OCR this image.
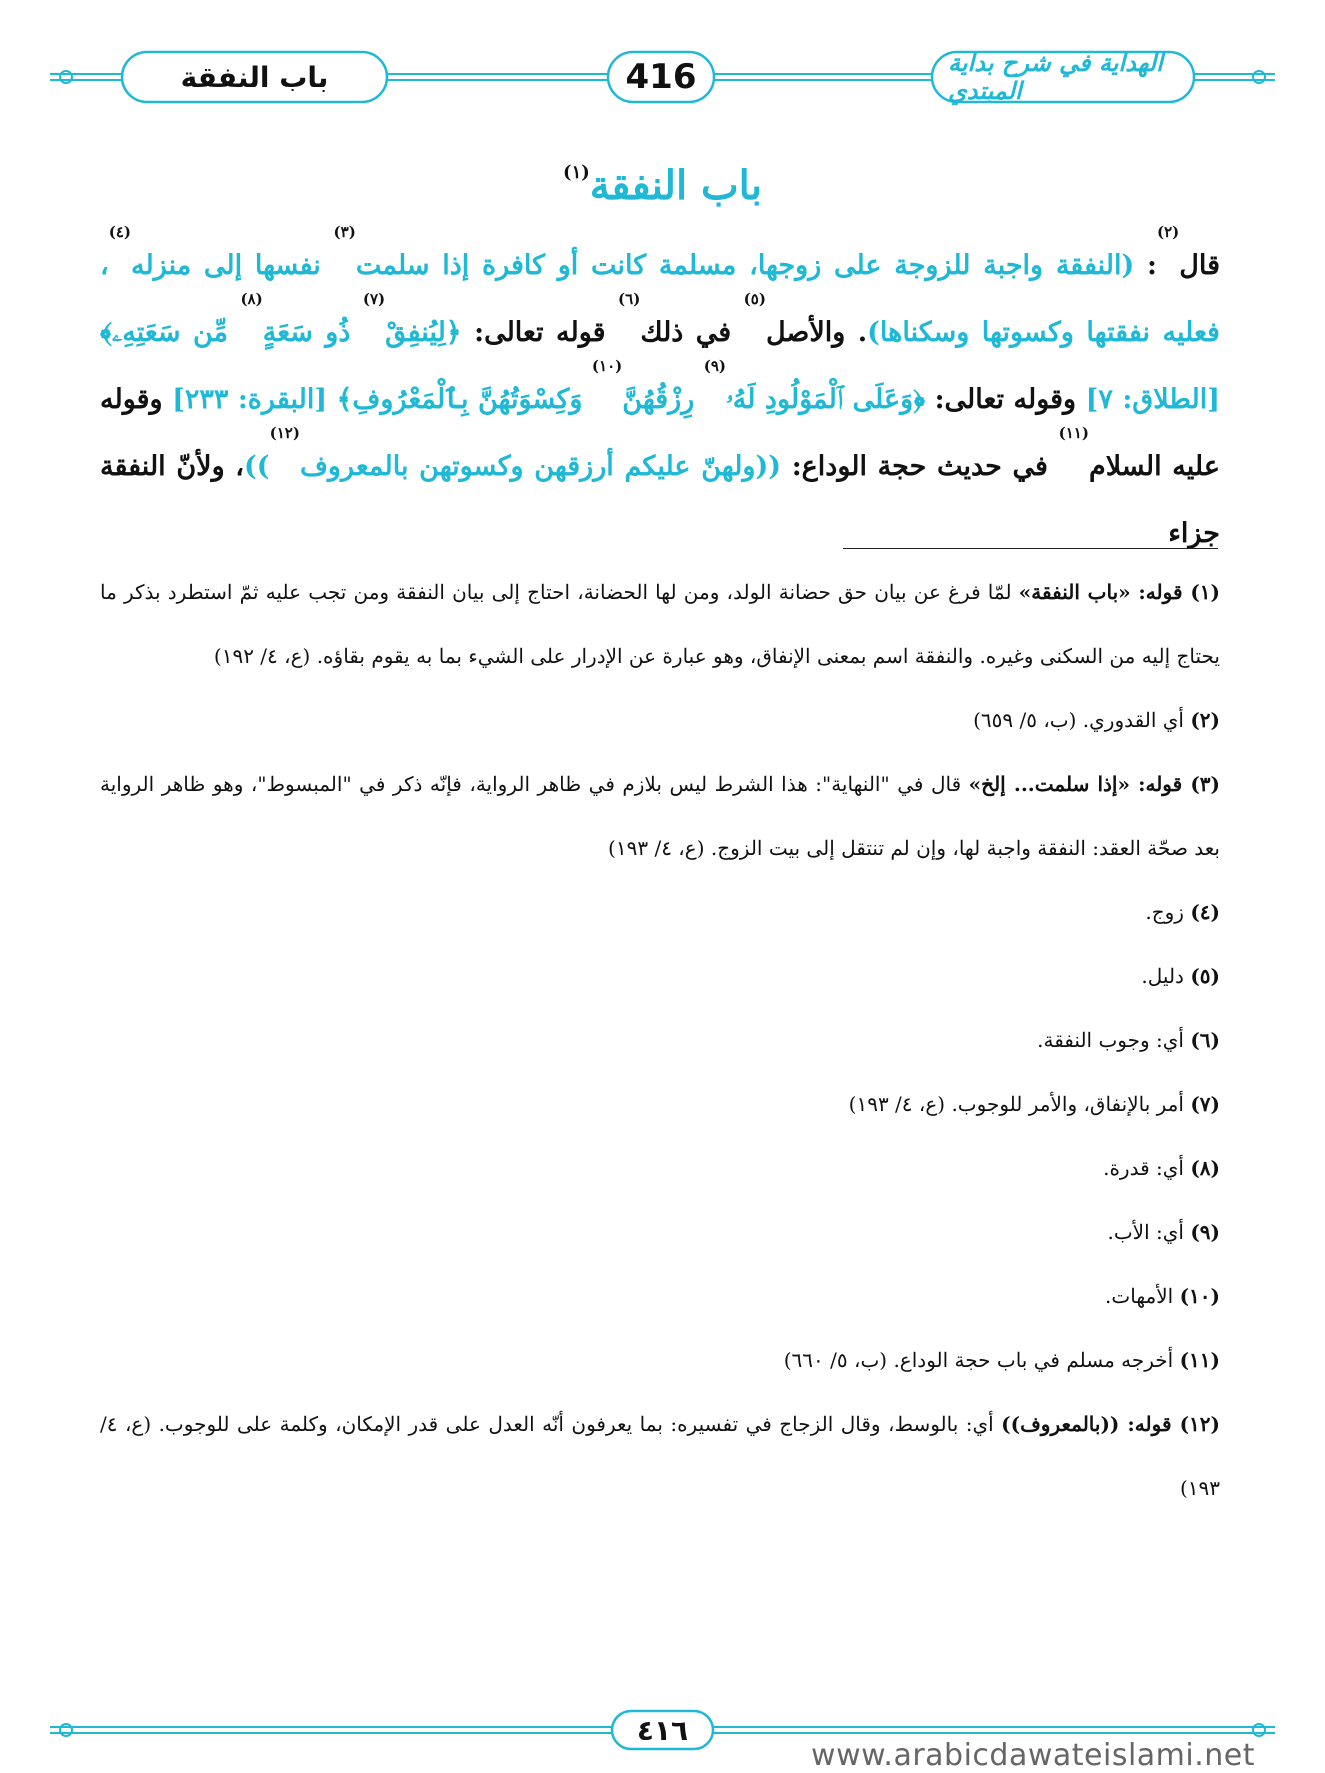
باب النفقة	416	الهداية في شرح بداية المبتدي
باب النفقة$^{(١)}$
قال$^{(٢)}$: (النفقة واجبة للزوجة على زوجها، مسلمة كانت أو كافرة إذا سلمت$^{(٣)}$ نفسها إلى منزله$^{(٤)}$، فعليه نفقتها وكسوتها وسكناها). والأصل$^{(٥)}$ في ذلك$^{(٦)}$ قوله تعالى: ﴿لِيُنفِقْ$^{(٧)}$ ذُو سَعَةٍ$^{(٨)}$ مِّن سَعَتِهِۦ﴾ [الطلاق: ٧] وقوله تعالى: ﴿وَعَلَى ٱلْمَوْلُودِ لَهُۥ$^{(٩)}$ رِزْقُهُنَّ$^{(١٠)}$ وَكِسْوَتُهُنَّ بِٱلْمَعْرُوفِ﴾ [البقرة: ٢٣٣] وقوله عليه السلام$^{(١١)}$ في حديث حجة الوداع: ((ولهنّ عليكم أرزقهن وكسوتهن بالمعروف$^{(١٢)}$))، ولأنّ النفقة جزاء

(١) قوله: «باب النفقة» لمّا فرغ عن بيان حق حضانة الولد، ومن لها الحضانة، احتاج إلى بيان النفقة ومن تجب عليه ثمّ استطرد بذكر ما يحتاج إليه من السكنى وغيره. والنفقة اسم بمعنى الإنفاق، وهو عبارة عن الإدرار على الشيء بما به يقوم بقاؤه. (ع، ٤/ ١٩٢)

(٢) أي القدوري. (ب، ٥/ ٦٥٩)

(٣) قوله: «إذا سلمت... إلخ» قال في "النهاية": هذا الشرط ليس بلازم في ظاهر الرواية، فإنّه ذكر في "المبسوط"، وهو ظاهر الرواية بعد صحّة العقد: النفقة واجبة لها، وإن لم تنتقل إلى بيت الزوج. (ع، ٤/ ١٩٣)

(٤) زوج.

(٥) دليل.

(٦) أي: وجوب النفقة.

(٧) أمر بالإنفاق، والأمر للوجوب. (ع، ٤/ ١٩٣)

(٨) أي: قدرة.

(٩) أي: الأب.

(١٠) الأمهات.

(١١) أخرجه مسلم في باب حجة الوداع. (ب، ٥/ ٦٦٠)

(١٢) قوله: ((بالمعروف)) أي: بالوسط، وقال الزجاج في تفسيره: بما يعرفون أنّه العدل على قدر الإمكان، وكلمة على للوجوب. (ع، ٤/ ١٩٣)

٤١٦
www.arabicdawateislami.net
